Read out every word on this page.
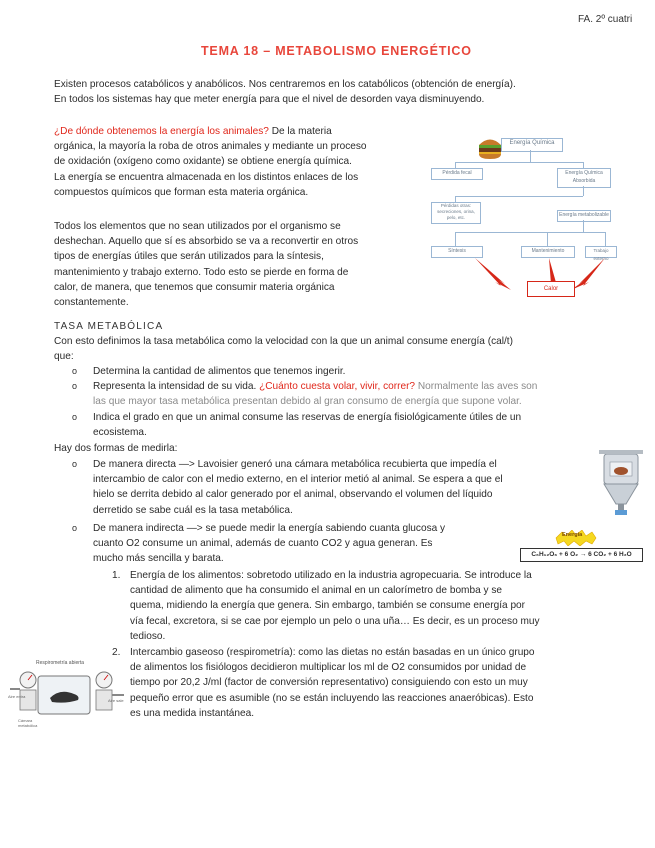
FA. 2º cuatri
TEMA 18 – METABOLISMO ENERGÉTICO
Existen procesos catabólicos y anabólicos. Nos centraremos en los catabólicos (obtención de energía).
En todos los sistemas hay que meter energía para que el nivel de desorden vaya disminuyendo.
¿De dónde obtenemos la energía los animales? De la materia
orgánica, la mayoría la roba de otros animales y mediante un proceso
de oxidación (oxígeno como oxidante) se obtiene energía química.
La energía se encuentra almacenada en los distintos enlaces de los
compuestos químicos que forman esta materia orgánica.
Todos los elementos que no sean utilizados por el organismo se
deshechan. Aquello que sí es absorbido se va a reconvertir en otros
tipos de energías útiles que serán utilizados para la síntesis,
mantenimiento y trabajo externo. Todo esto se pierde en forma de
calor, de manera, que tenemos que consumir materia orgánica
constantemente.
Energía Química
Pérdida fecal	Energía Química Absorbida
Pérdidas otras: secreciones, orina, pelo, etc.	Energía metabolizable
Síntesis	Mantenimiento	Trabajo externo
Calor
TASA METABÓLICA
Con esto definimos la tasa metabólica como la velocidad con la que un animal consume energía (cal/t)
que:
o Determina la cantidad de alimentos que tenemos ingerir.
o Representa la intensidad de su vida. ¿Cuánto cuesta volar, vivir, correr? Normalmente las aves son
las que mayor tasa metabólica presentan debido al gran consumo de energía que supone volar.
o Indica el grado en que un animal consume las reservas de energía fisiológicamente útiles de un
ecosistema.
Hay dos formas de medirla:
o De manera directa —> Lavoisier generó una cámara metabólica recubierta que impedía el
intercambio de calor con el medio externo, en el interior metió al animal. Se espera a que el
hielo se derrita debido al calor generado por el animal, observando el volumen del líquido
derretido se sabe cuál es la tasa metabólica.
o De manera indirecta —> se puede medir la energía sabiendo cuanta glucosa y
cuanto O2 consume un animal, además de cuanto CO2 y agua generan. Es
mucho más sencilla y barata.
Energía
C₆H₁₂O₆ + 6 O₂ → 6 CO₂ + 6 H₂O
1. Energía de los alimentos: sobretodo utilizado en la industria agropecuaria. Se introduce la
cantidad de alimento que ha consumido el animal en un calorímetro de bomba y se
quema, midiendo la energía que genera. Sin embargo, también se consume energía por
vía fecal, excretora, si se cae por ejemplo un pelo o una uña… Es decir, es un proceso muy
tedioso.
2. Intercambio gaseoso (respirometría): como las dietas no están basadas en un único grupo
de alimentos los fisiólogos decidieron multiplicar los ml de O2 consumidos por unidad de
tiempo por 20,2 J/ml (factor de conversión representativo) consiguiendo con esto un muy
pequeño error que es asumible (no se están incluyendo las reacciones anaeróbicas). Esto
es una medida instantánea.
Respirometría abierta
Aire entra
Aire sale
Cámara metabólica
